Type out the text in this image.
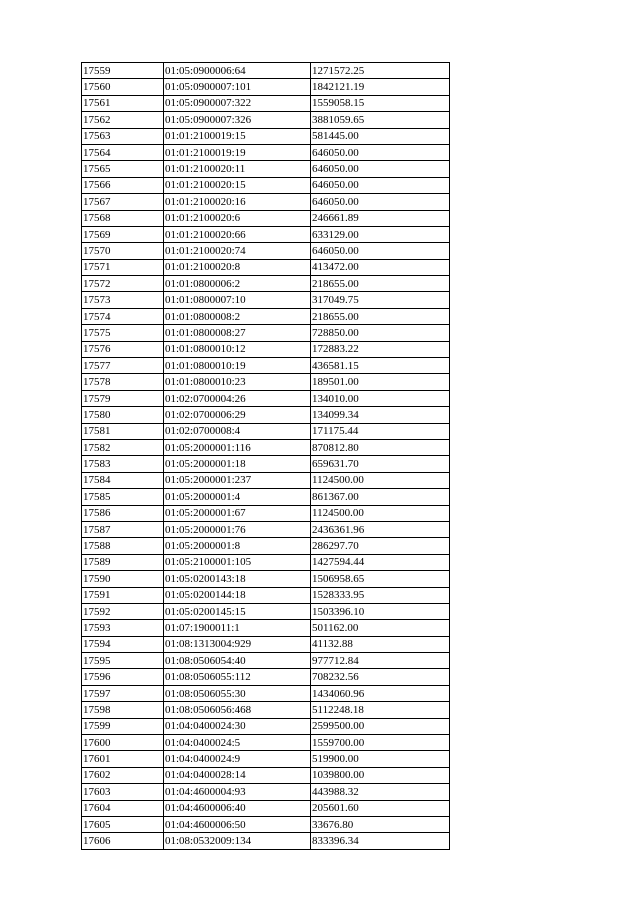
17559	01:05:0900006:64	1271572.25
17560	01:05:0900007:101	1842121.19
17561	01:05:0900007:322	1559058.15
17562	01:05:0900007:326	3881059.65
17563	01:01:2100019:15	581445.00
17564	01:01:2100019:19	646050.00
17565	01:01:2100020:11	646050.00
17566	01:01:2100020:15	646050.00
17567	01:01:2100020:16	646050.00
17568	01:01:2100020:6	246661.89
17569	01:01:2100020:66	633129.00
17570	01:01:2100020:74	646050.00
17571	01:01:2100020:8	413472.00
17572	01:01:0800006:2	218655.00
17573	01:01:0800007:10	317049.75
17574	01:01:0800008:2	218655.00
17575	01:01:0800008:27	728850.00
17576	01:01:0800010:12	172883.22
17577	01:01:0800010:19	436581.15
17578	01:01:0800010:23	189501.00
17579	01:02:0700004:26	134010.00
17580	01:02:0700006:29	134099.34
17581	01:02:0700008:4	171175.44
17582	01:05:2000001:116	870812.80
17583	01:05:2000001:18	659631.70
17584	01:05:2000001:237	1124500.00
17585	01:05:2000001:4	861367.00
17586	01:05:2000001:67	1124500.00
17587	01:05:2000001:76	2436361.96
17588	01:05:2000001:8	286297.70
17589	01:05:2100001:105	1427594.44
17590	01:05:0200143:18	1506958.65
17591	01:05:0200144:18	1528333.95
17592	01:05:0200145:15	1503396.10
17593	01:07:1900011:1	501162.00
17594	01:08:1313004:929	41132.88
17595	01:08:0506054:40	977712.84
17596	01:08:0506055:112	708232.56
17597	01:08:0506055:30	1434060.96
17598	01:08:0506056:468	5112248.18
17599	01:04:0400024:30	2599500.00
17600	01:04:0400024:5	1559700.00
17601	01:04:0400024:9	519900.00
17602	01:04:0400028:14	1039800.00
17603	01:04:4600004:93	443988.32
17604	01:04:4600006:40	205601.60
17605	01:04:4600006:50	33676.80
17606	01:08:0532009:134	833396.34
